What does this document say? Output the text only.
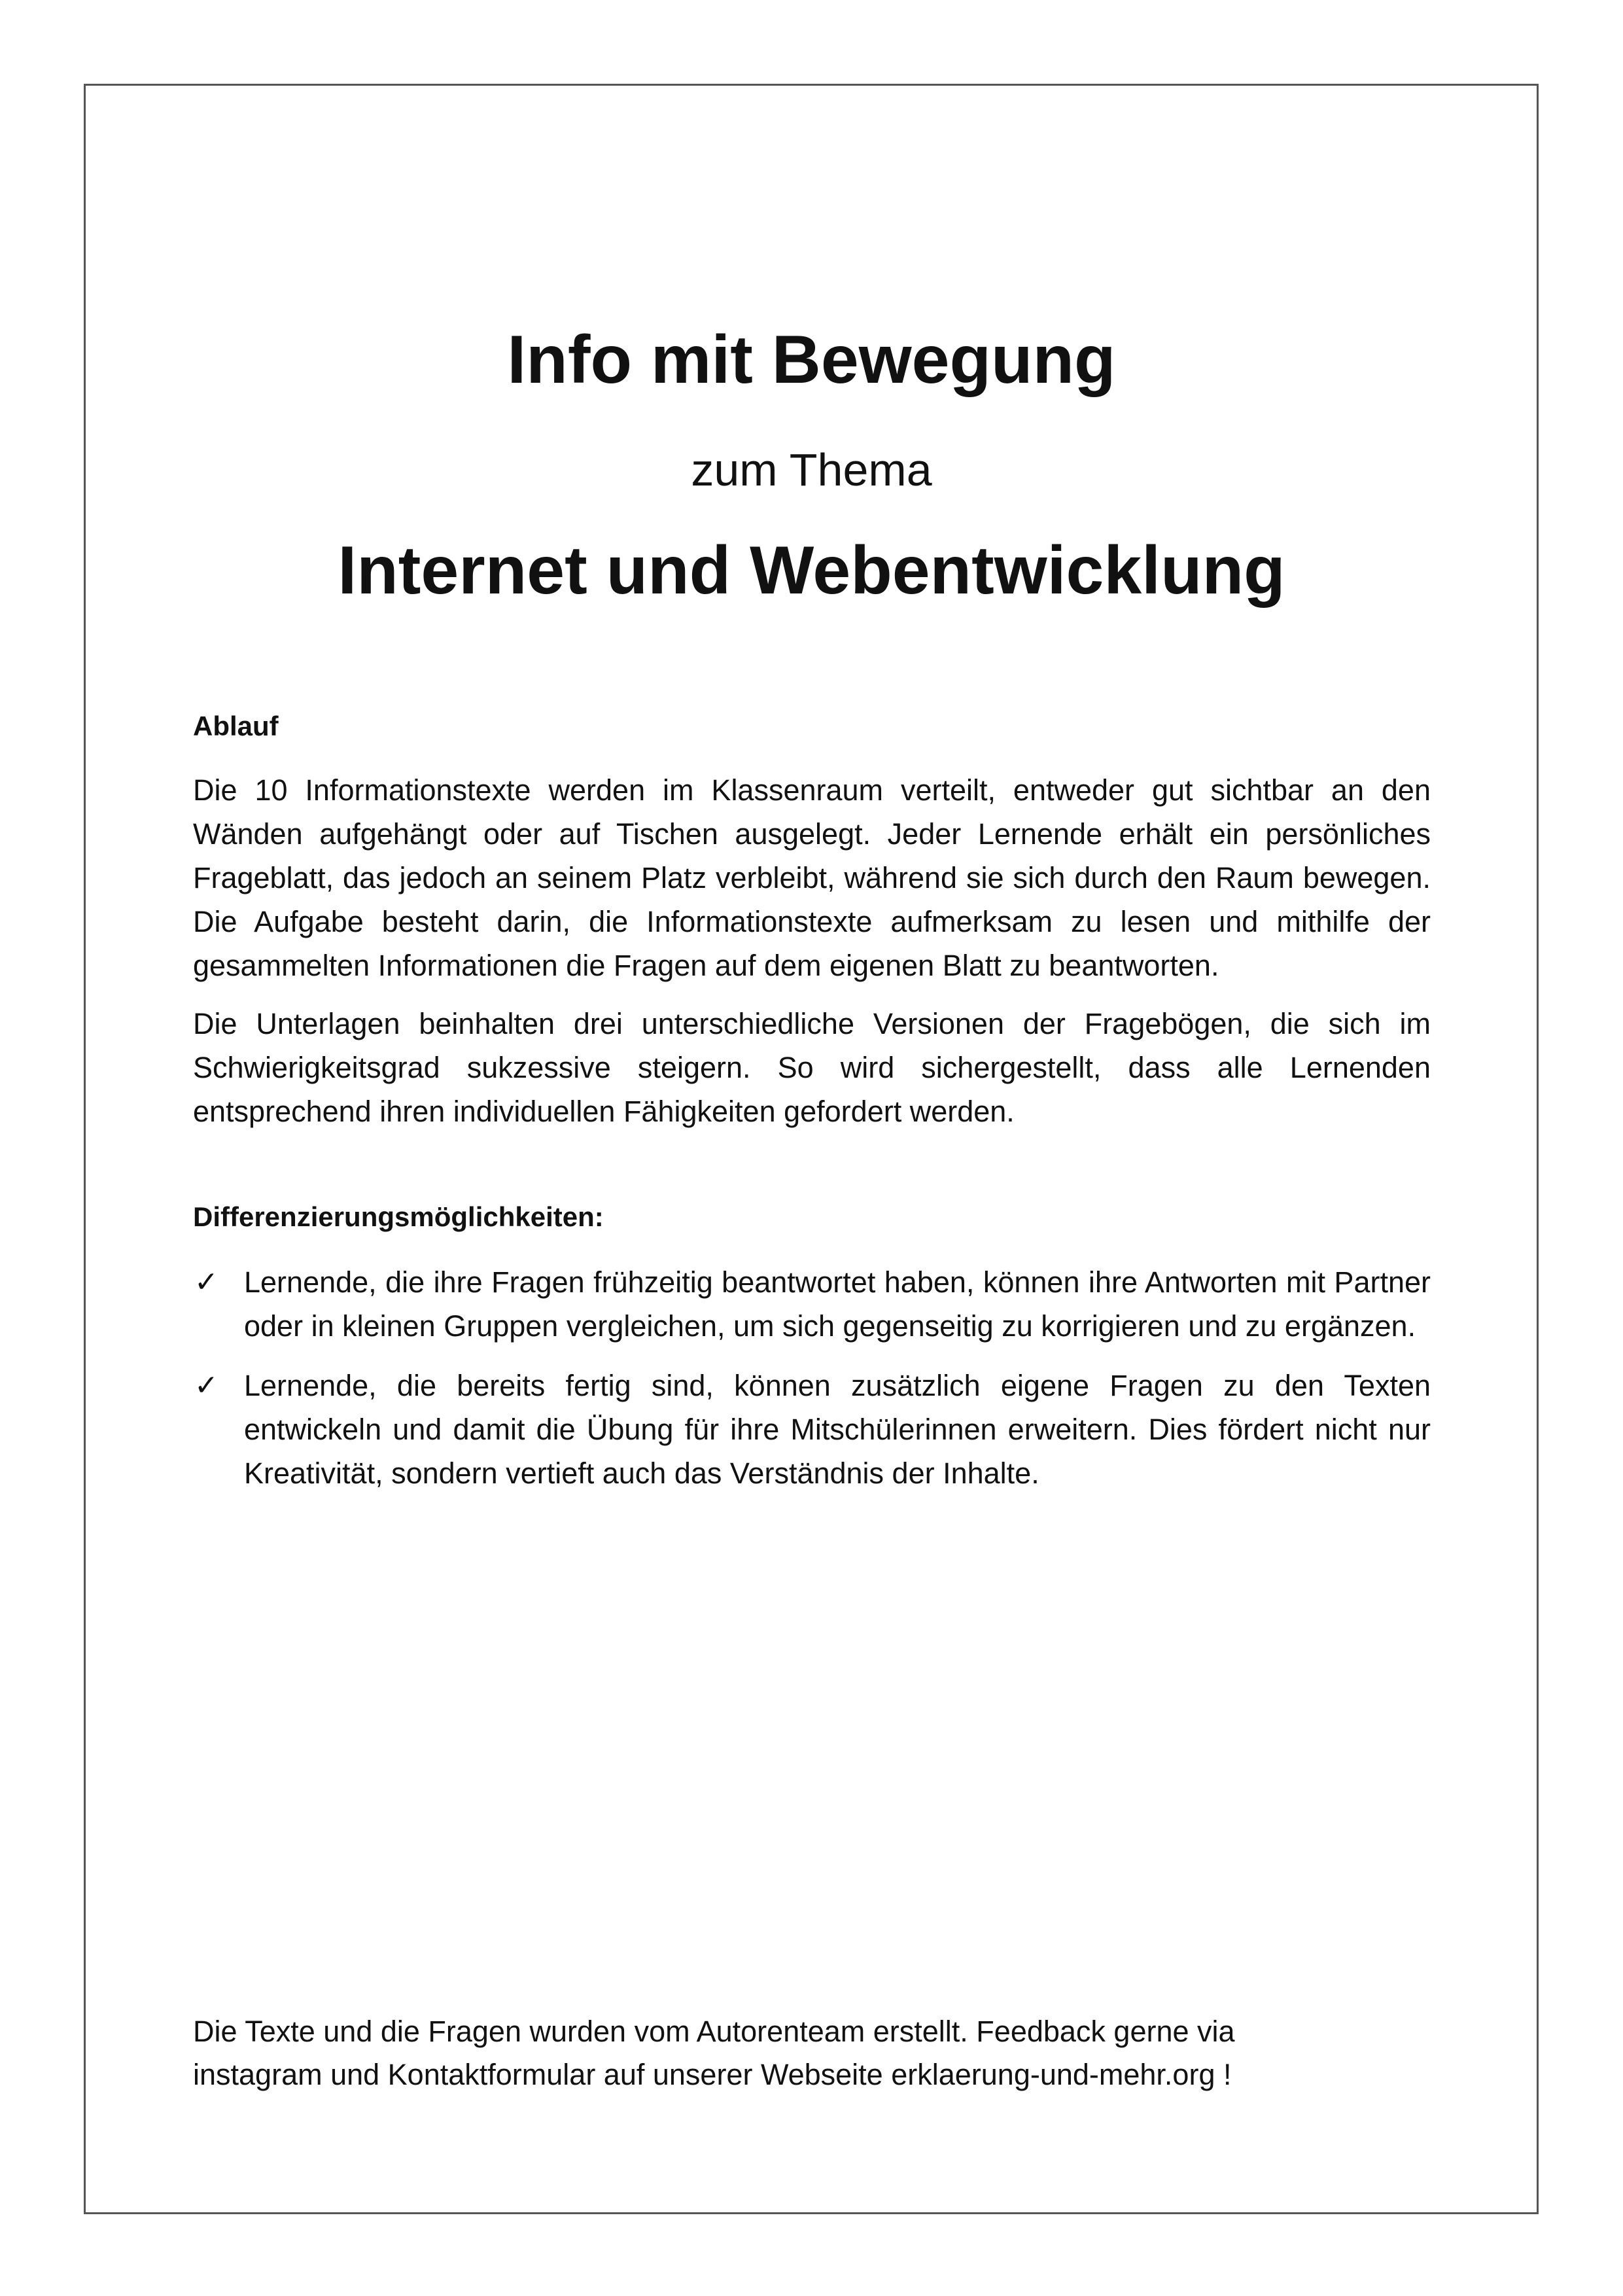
Info mit Bewegung

zum Thema

Internet und Webentwicklung
Ablauf

Die 10 Informationstexte werden im Klassenraum verteilt, entweder gut sichtbar an den Wänden aufgehängt oder auf Tischen ausgelegt. Jeder Lernende erhält ein persönliches Frageblatt, das jedoch an seinem Platz verbleibt, während sie sich durch den Raum bewegen. Die Aufgabe besteht darin, die Informationstexte aufmerksam zu lesen und mithilfe der gesammelten Informationen die Fragen auf dem eigenen Blatt zu beantworten.

Die Unterlagen beinhalten drei unterschiedliche Versionen der Fragebögen, die sich im Schwierigkeitsgrad sukzessive steigern. So wird sichergestellt, dass alle Lernenden entsprechend ihren individuellen Fähigkeiten gefordert werden.

Differenzierungsmöglichkeiten:
✓ Lernende, die ihre Fragen frühzeitig beantwortet haben, können ihre Antworten mit Partner oder in kleinen Gruppen vergleichen, um sich gegenseitig zu korrigieren und zu ergänzen.
✓ Lernende, die bereits fertig sind, können zusätzlich eigene Fragen zu den Texten entwickeln und damit die Übung für ihre Mitschülerinnen erweitern. Dies fördert nicht nur Kreativität, sondern vertieft auch das Verständnis der Inhalte.

Die Texte und die Fragen wurden vom Autorenteam erstellt. Feedback gerne via
instagram und Kontaktformular auf unserer Webseite erklaerung-und-mehr.org !
